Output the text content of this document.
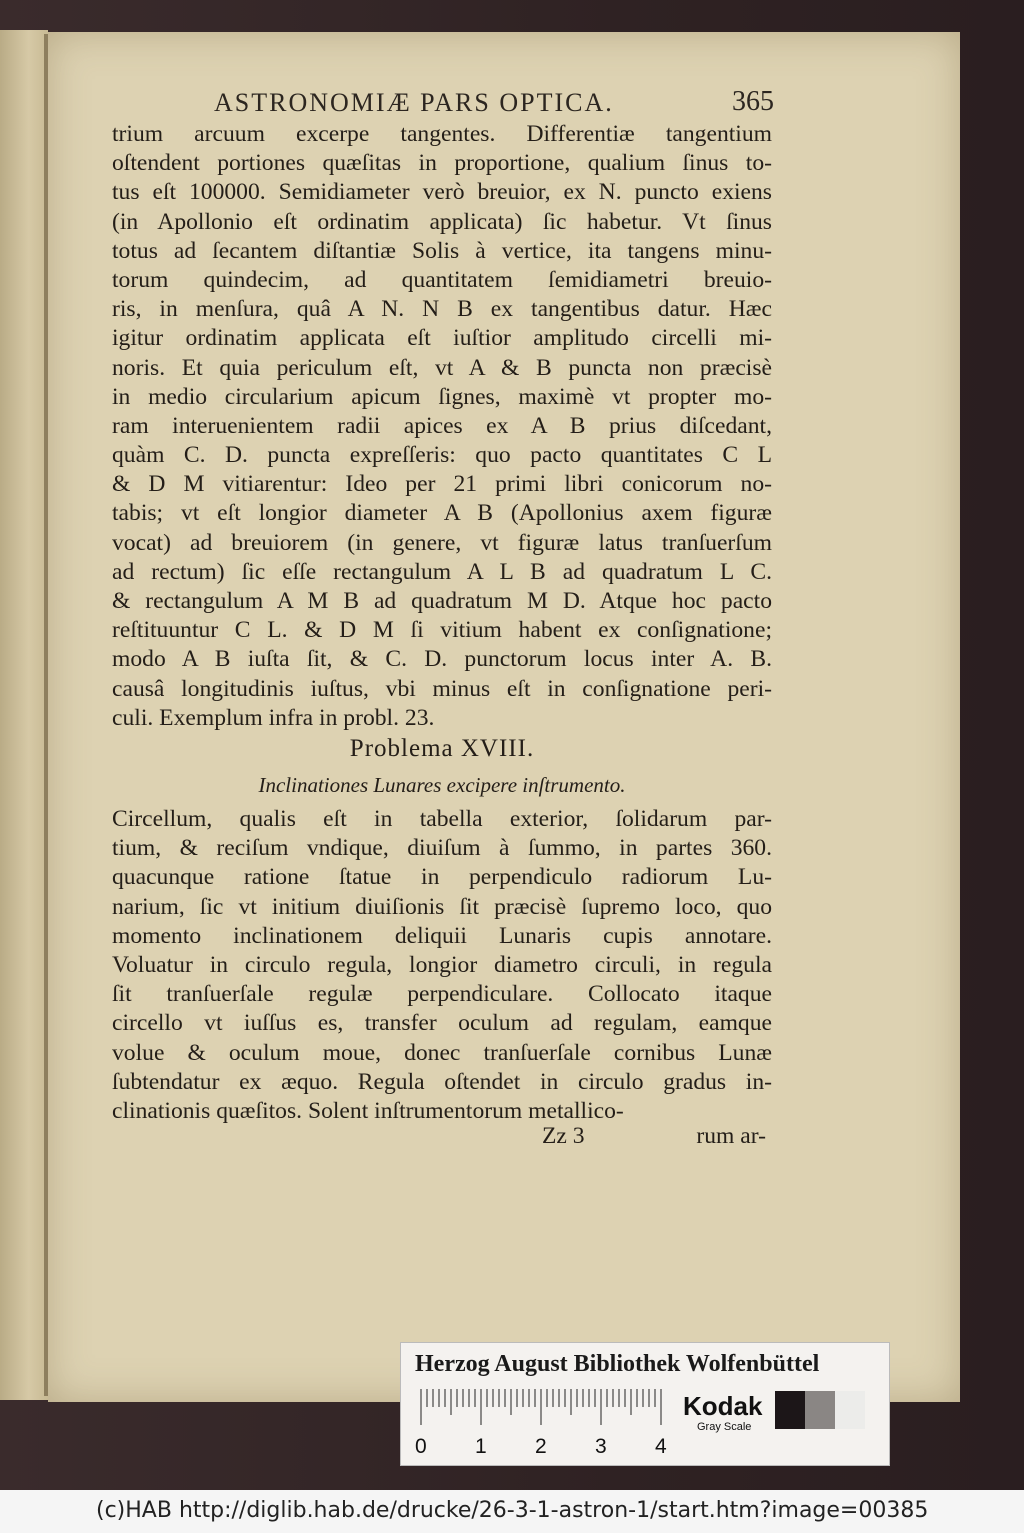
ASTRONOMIÆ PARS OPTICA.	365
trium arcuum excerpe tangentes. Differentiæ tangentium
oſtendent portiones quæſitas in proportione, qualium ſinus to-
tus eſt 100000. Semidiameter verò breuior, ex N. puncto exiens
(in Apollonio eſt ordinatim applicata) ſic habetur. Vt ſinus
totus ad ſecantem diſtantiæ Solis à vertice, ita tangens minu-
torum quindecim, ad quantitatem ſemidiametri breuio-
ris, in menſura, quâ A N. N B ex tangentibus datur. Hæc
igitur ordinatim applicata eſt iuſtior amplitudo circelli mi-
noris. Et quia periculum eſt, vt A & B puncta non præcisè
in medio circularium apicum ſignes, maximè vt propter mo-
ram interuenientem radii apices ex A B prius diſcedant,
quàm C. D. puncta expreſſeris: quo pacto quantitates C L
& D M vitiarentur: Ideo per 21 primi libri conicorum no-
tabis; vt eſt longior diameter A B (Apollonius axem figuræ
vocat) ad breuiorem (in genere, vt figuræ latus tranſuerſum
ad rectum) ſic eſſe rectangulum A L B ad quadratum L C.
& rectangulum A M B ad quadratum M D. Atque hoc pacto
reſtituuntur C L. & D M ſi vitium habent ex conſignatione;
modo A B iuſta ſit, & C. D. punctorum locus inter A. B.
causâ longitudinis iuſtus, vbi minus eſt in conſignatione peri-
culi. Exemplum infra in probl. 23.
Problema XVIII.
Inclinationes Lunares excipere inſtrumento.
Circellum, qualis eſt in tabella exterior, ſolidarum par-
tium, & reciſum vndique, diuiſum à ſummo, in partes 360.
quacunque ratione ſtatue in perpendiculo radiorum Lu-
narium, ſic vt initium diuiſionis ſit præcisè ſupremo loco, quo
momento inclinationem deliquii Lunaris cupis annotare.
Voluatur in circulo regula, longior diametro circuli, in regula
ſit tranſuerſale regulæ perpendiculare. Collocato itaque
circello vt iuſſus es, transfer oculum ad regulam, eamque
volue & oculum moue, donec tranſuerſale cornibus Lunæ
ſubtendatur ex æquo. Regula oſtendet in circulo gradus in-
clinationis quæſitos. Solent inſtrumentorum metallico-
Zz 3	rum ar-
Herzog August Bibliothek Wolfenbüttel
0 1 2 3 4
Kodak
Gray Scale
(c)HAB http://diglib.hab.de/drucke/26-3-1-astron-1/start.htm?image=00385
